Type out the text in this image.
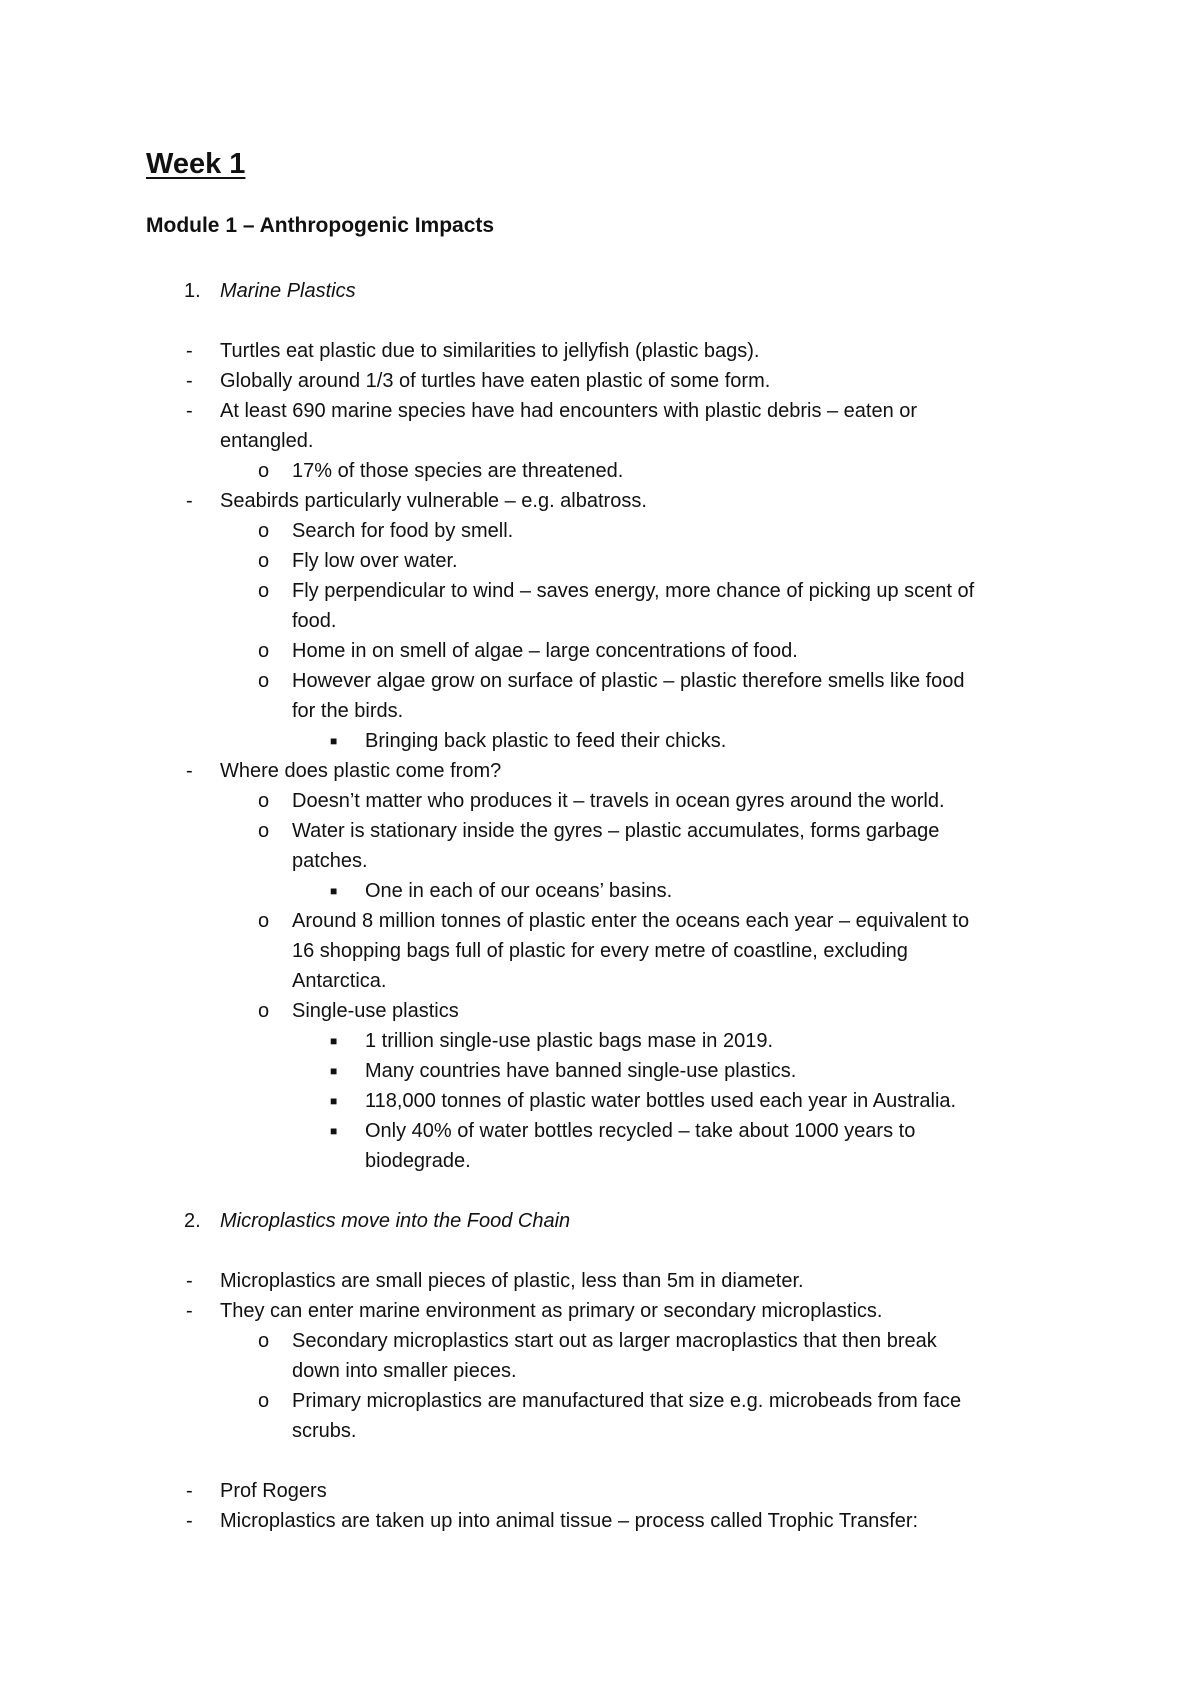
Week 1
Module 1 – Anthropogenic Impacts
1. Marine Plastics
- Turtles eat plastic due to similarities to jellyfish (plastic bags).
- Globally around 1/3 of turtles have eaten plastic of some form.
- At least 690 marine species have had encounters with plastic debris – eaten or
entangled.
o 17% of those species are threatened.
- Seabirds particularly vulnerable – e.g. albatross.
o Search for food by smell.
o Fly low over water.
o Fly perpendicular to wind – saves energy, more chance of picking up scent of
food.
o Home in on smell of algae – large concentrations of food.
o However algae grow on surface of plastic – plastic therefore smells like food
for the birds.
■ Bringing back plastic to feed their chicks.
- Where does plastic come from?
o Doesn’t matter who produces it – travels in ocean gyres around the world.
o Water is stationary inside the gyres – plastic accumulates, forms garbage
patches.
■ One in each of our oceans’ basins.
o Around 8 million tonnes of plastic enter the oceans each year – equivalent to
16 shopping bags full of plastic for every metre of coastline, excluding
Antarctica.
o Single-use plastics
■ 1 trillion single-use plastic bags mase in 2019.
■ Many countries have banned single-use plastics.
■ 118,000 tonnes of plastic water bottles used each year in Australia.
■ Only 40% of water bottles recycled – take about 1000 years to
biodegrade.
2. Microplastics move into the Food Chain
- Microplastics are small pieces of plastic, less than 5m in diameter.
- They can enter marine environment as primary or secondary microplastics.
o Secondary microplastics start out as larger macroplastics that then break
down into smaller pieces.
o Primary microplastics are manufactured that size e.g. microbeads from face
scrubs.
- Prof Rogers
- Microplastics are taken up into animal tissue – process called Trophic Transfer:
